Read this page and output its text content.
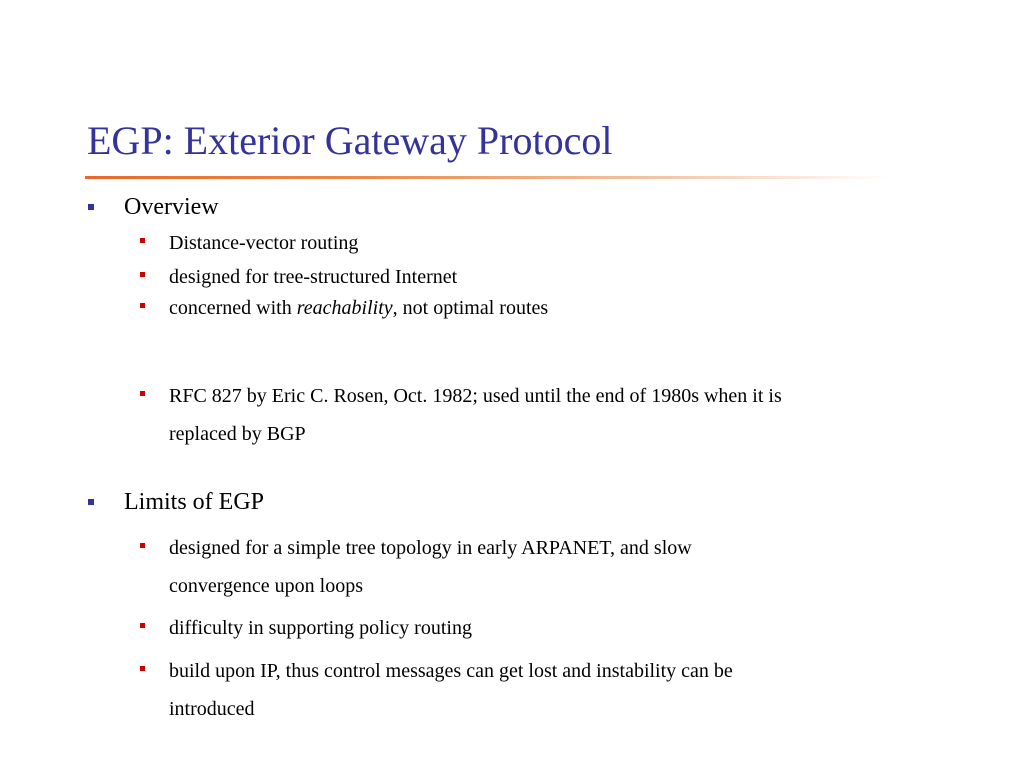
EGP: Exterior Gateway Protocol
Overview
Distance-vector routing
designed for tree-structured Internet
concerned with reachability, not optimal routes
RFC 827 by Eric C. Rosen, Oct. 1982; used until the end of 1980s when it is
replaced by BGP
Limits of EGP
designed for a simple tree topology in early ARPANET, and slow
convergence upon loops
difficulty in supporting policy routing
build upon IP, thus control messages can get lost and instability can be
introduced
